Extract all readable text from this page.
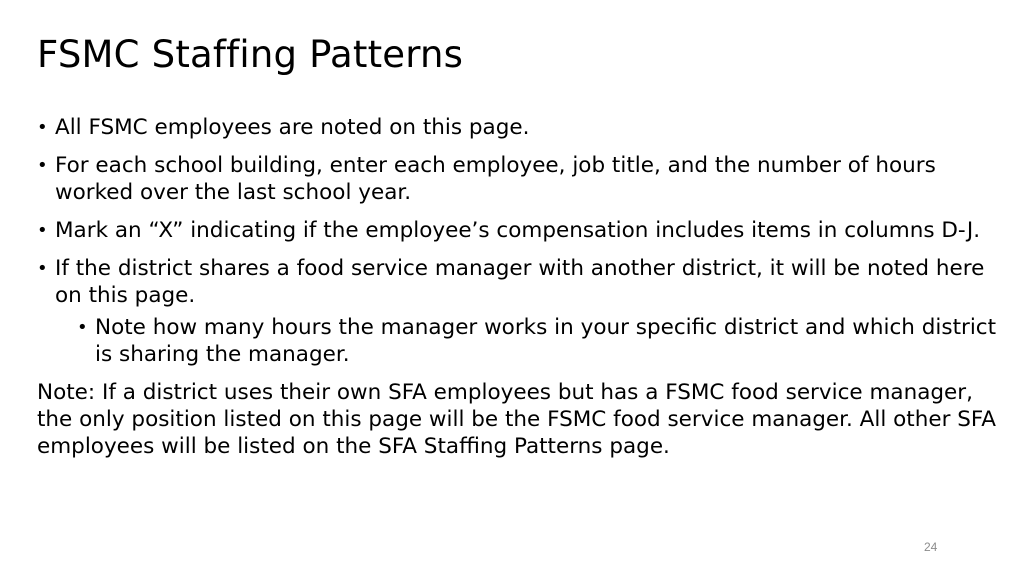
FSMC Staffing Patterns
• All FSMC employees are noted on this page.
• For each school building, enter each employee, job title, and the number of hours worked over the last school year.
• Mark an “X” indicating if the employee’s compensation includes items in columns D-J.
• If the district shares a food service manager with another district, it will be noted here on this page.
• Note how many hours the manager works in your specific district and which district is sharing the manager.
Note: If a district uses their own SFA employees but has a FSMC food service manager, the only position listed on this page will be the FSMC food service manager. All other SFA employees will be listed on the SFA Staffing Patterns page.
24
